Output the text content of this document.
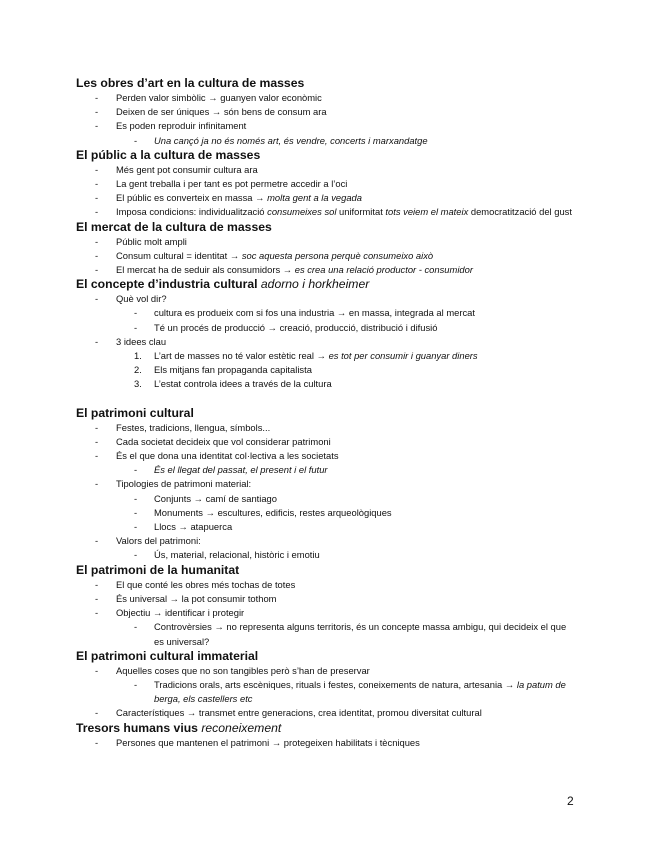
Les obres d’art en la cultura de masses
- Perden valor simbòlic → guanyen valor econòmic
- Deixen de ser úniques → són bens de consum ara
- Es poden reproduir infinitament
- Una cançó ja no és només art, és vendre, concerts i marxandatge
El públic a la cultura de masses
- Més gent pot consumir cultura ara
- La gent treballa i per tant es pot permetre accedir a l’oci
- El públic es converteix en massa → molta gent a la vegada
- Imposa condicions: individualització consumeixes sol uniformitat tots veiem el mateix democratització del gust
El mercat de la cultura de masses
- Públic molt ampli
- Consum cultural = identitat → soc aquesta persona perquè consumeixo això
- El mercat ha de seduir als consumidors → es crea una relació productor - consumidor
El concepte d’industria cultural adorno i horkheimer
- Què vol dir?
- cultura es produeix com si fos una industria → en massa, integrada al mercat
- Té un procés de producció → creació, producció, distribució i difusió
- 3 idees clau
1. L’art de masses no té valor estètic real → es tot per consumir i guanyar diners
2. Els mitjans fan propaganda capitalista
3. L’estat controla idees a través de la cultura
El patrimoni cultural
- Festes, tradicions, llengua, símbols...
- Cada societat decideix que vol considerar patrimoni
- És el que dona una identitat col·lectiva a les societats
- És el llegat del passat, el present i el futur
- Tipologies de patrimoni material:
- Conjunts → camí de santiago
- Monuments → escultures, edificis, restes arqueològiques
- Llocs → atapuerca
- Valors del patrimoni:
- Ús, material, relacional, històric i emotiu
El patrimoni de la humanitat
- El que conté les obres més tochas de totes
- És universal → la pot consumir tothom
- Objectiu → identificar i protegir
- Controvèrsies → no representa alguns territoris, és un concepte massa ambigu, qui decideix el que es universal?
El patrimoni cultural immaterial
- Aquelles coses que no son tangibles però s’han de preservar
- Tradicions orals, arts escèniques, rituals i festes, coneixements de natura, artesania → la patum de berga, els castellers etc
- Característiques → transmet entre generacions, crea identitat, promou diversitat cultural
Tresors humans vius reconeixement
- Persones que mantenen el patrimoni → protegeixen habilitats i tècniques
2
